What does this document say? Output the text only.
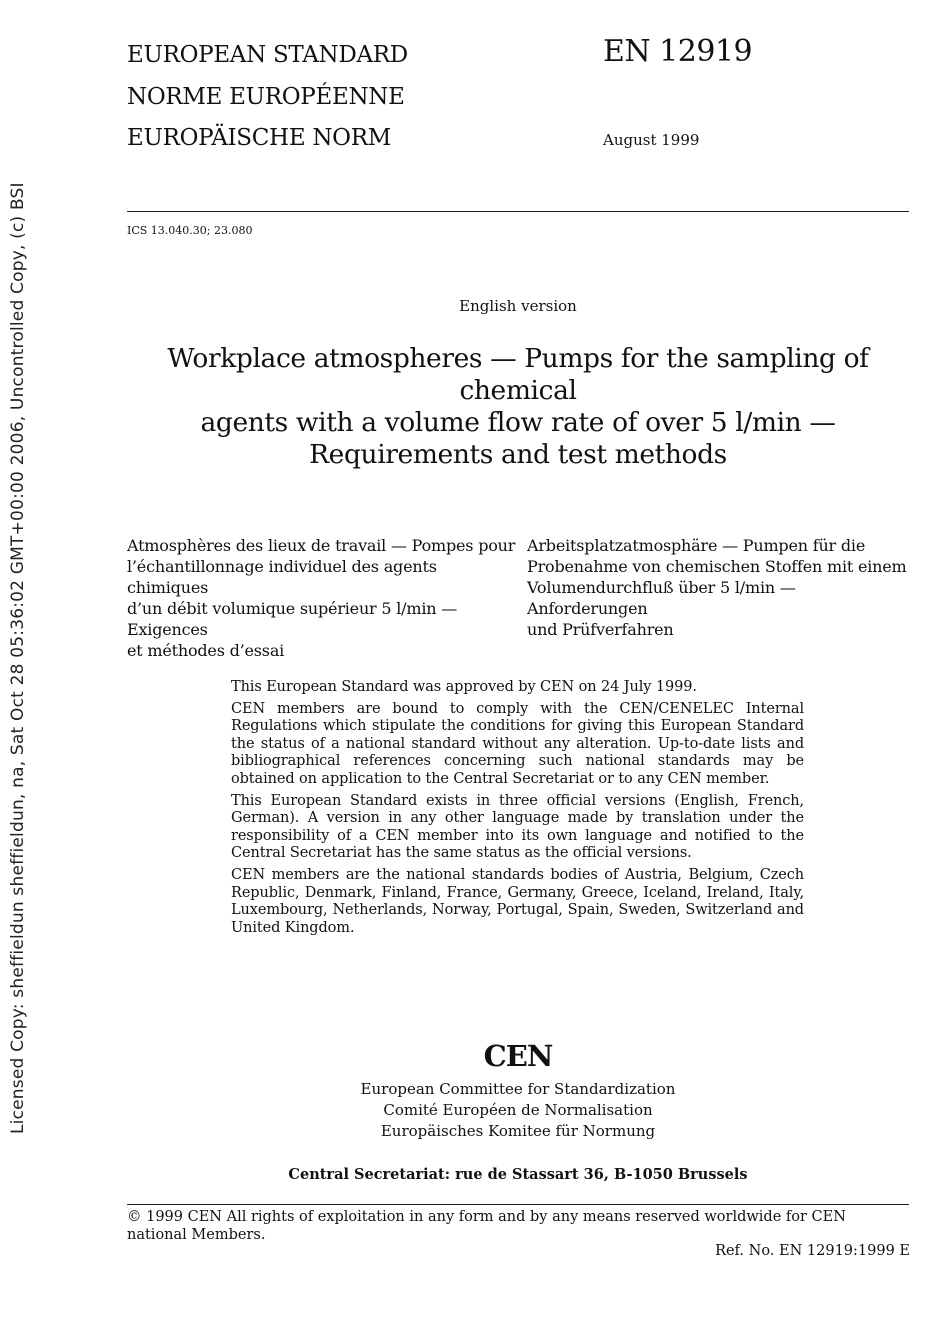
Licensed Copy: sheffieldun sheffieldun, na, Sat Oct 28 05:36:02 GMT+00:00 2006, Uncontrolled Copy, (c) BSI
EUROPEAN STANDARD
NORME EUROPÉENNE
EUROPÄISCHE NORM
EN 12919
August 1999
ICS 13.040.30; 23.080
English version
Workplace atmospheres — Pumps for the sampling of chemical
agents with a volume flow rate of over 5 l/min —
Requirements and test methods
Atmosphères des lieux de travail — Pompes pour
l’échantillonnage individuel des agents chimiques
d’un débit volumique supérieur 5 l/min — Exigences
et méthodes d’essai
Arbeitsplatzatmosphäre — Pumpen für die
Probenahme von chemischen Stoffen mit einem
Volumendurchfluß über 5 l/min — Anforderungen
und Prüfverfahren

This European Standard was approved by CEN on 24 July 1999.

CEN members are bound to comply with the CEN/CENELEC Internal Regulations which stipulate the conditions for giving this European Standard the status of a national standard without any alteration. Up-to-date lists and bibliographical references concerning such national standards may be obtained on application to the Central Secretariat or to any CEN member.

This European Standard exists in three official versions (English, French, German). A version in any other language made by translation under the responsibility of a CEN member into its own language and notified to the Central Secretariat has the same status as the official versions.

CEN members are the national standards bodies of Austria, Belgium, Czech Republic, Denmark, Finland, France, Germany, Greece, Iceland, Ireland, Italy, Luxembourg, Netherlands, Norway, Portugal, Spain, Sweden, Switzerland and United Kingdom.

CEN
European Committee for Standardization
Comité Européen de Normalisation
Europäisches Komitee für Normung
Central Secretariat: rue de Stassart 36, B-1050 Brussels
© 1999 CEN All rights of exploitation in any form and by any means reserved worldwide for CEN national Members.
Ref. No. EN 12919:1999 E
